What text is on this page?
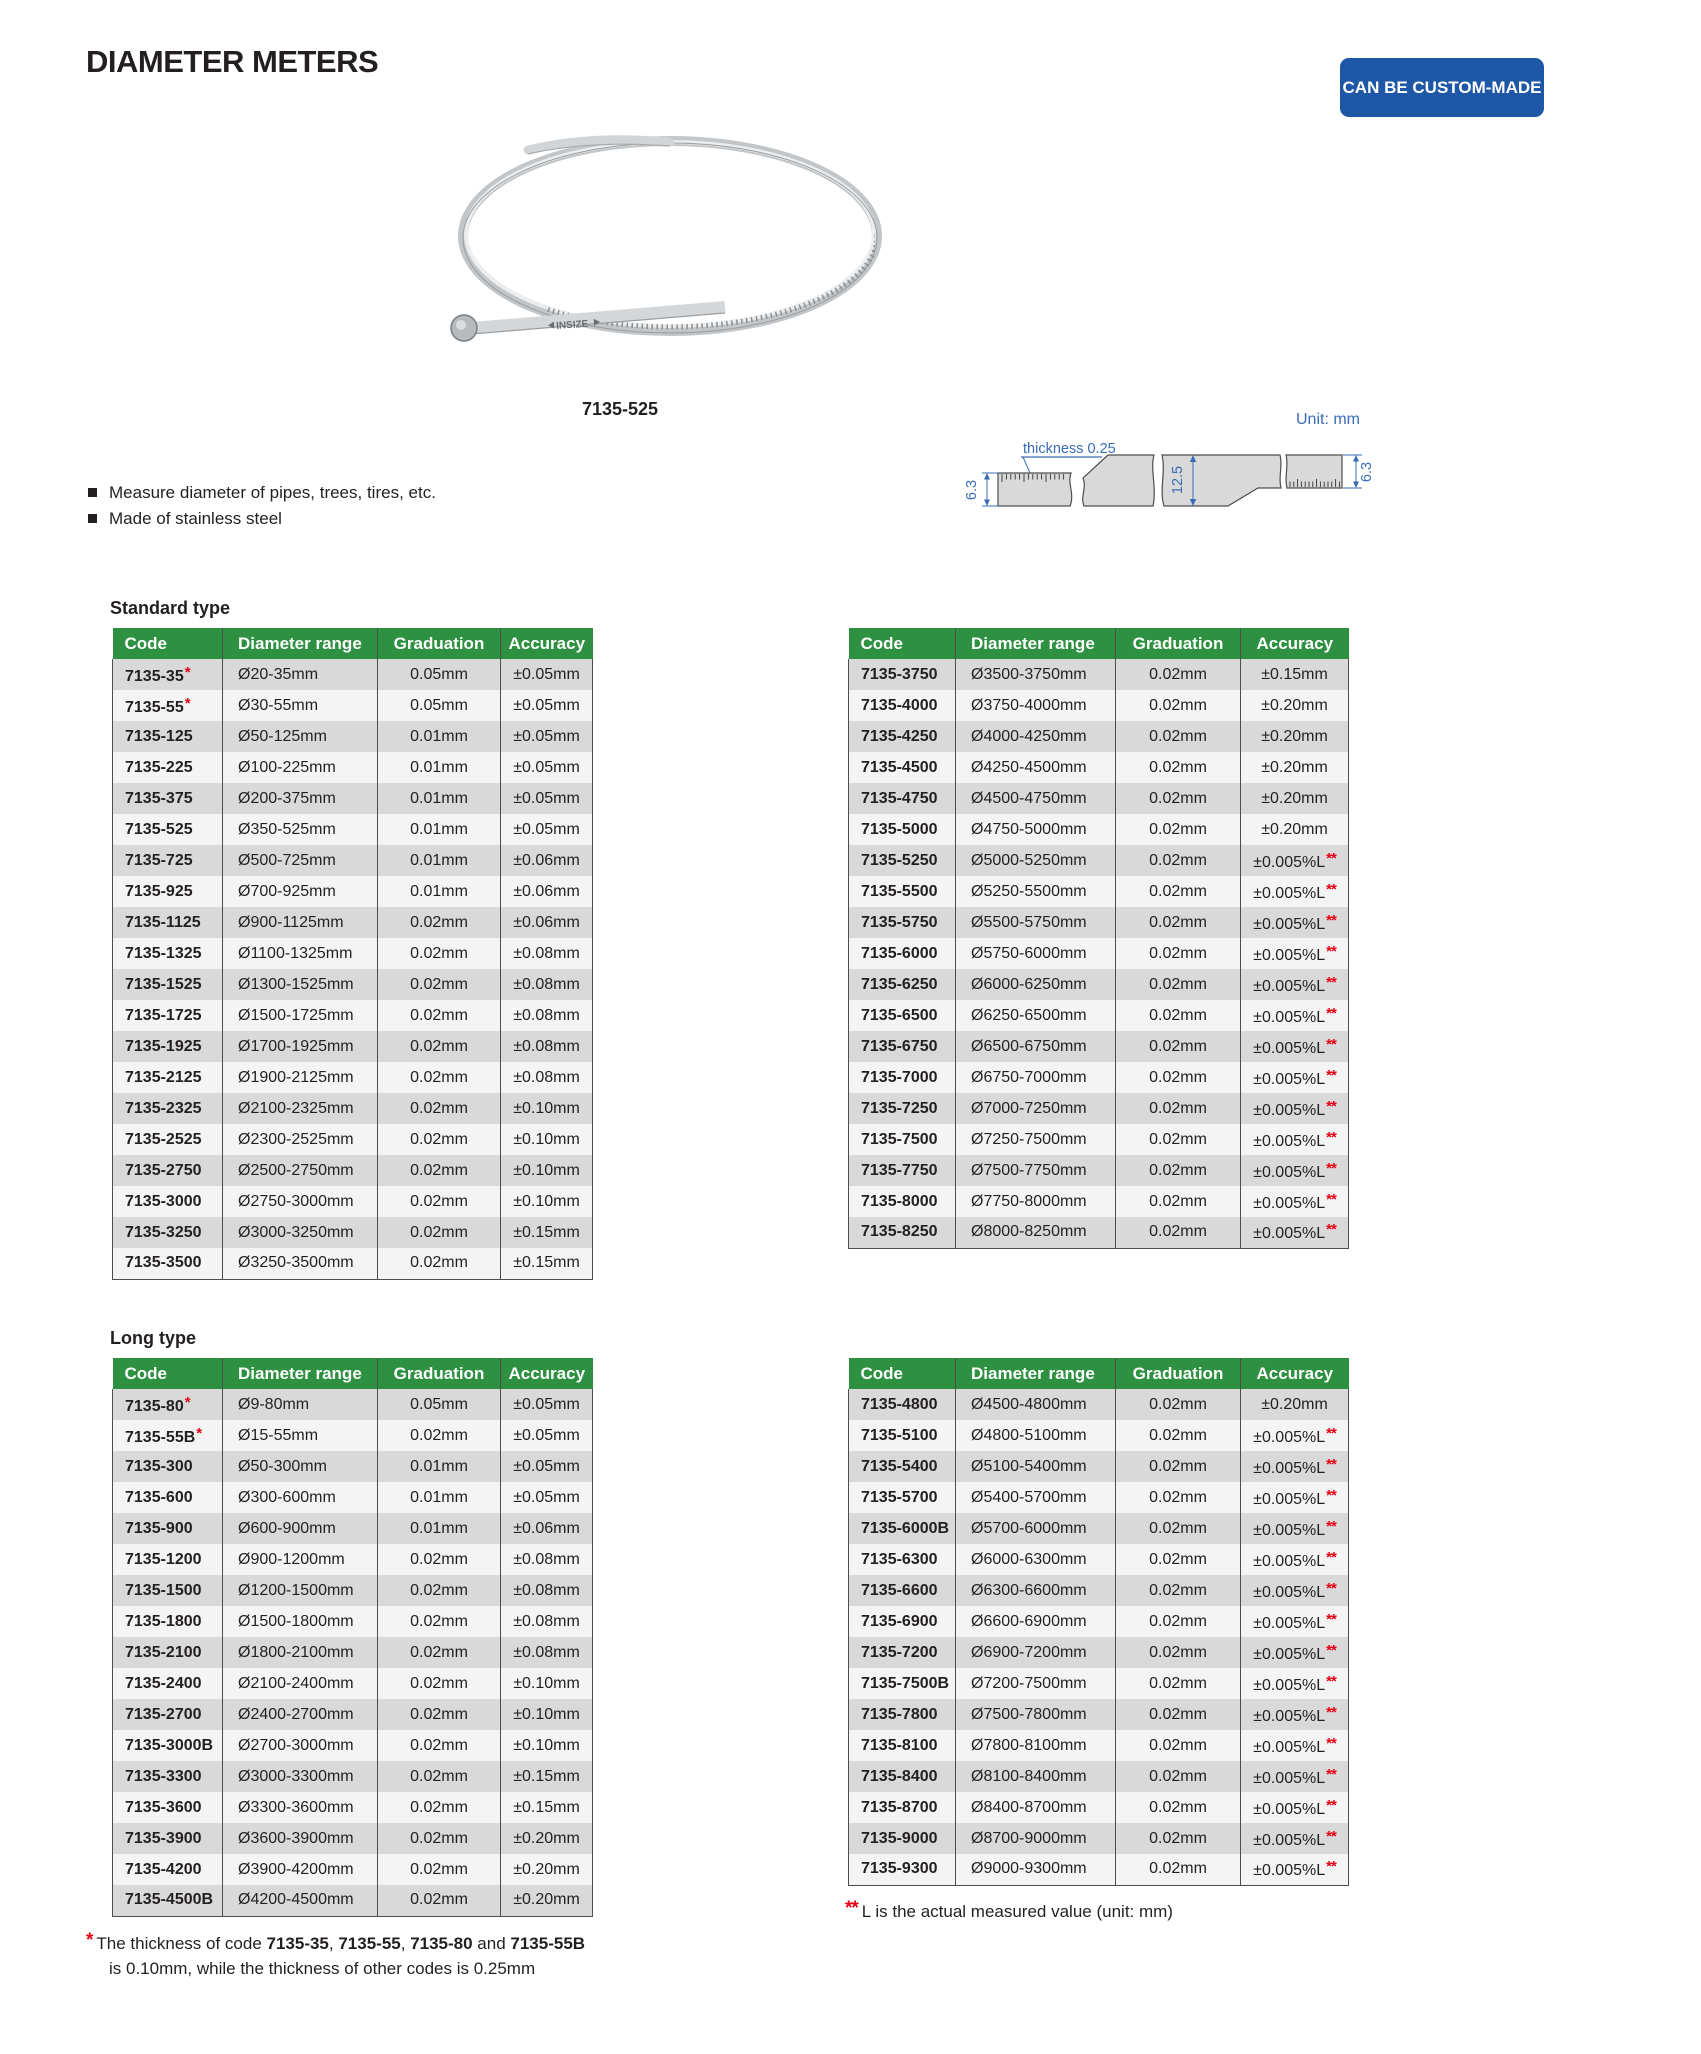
DIAMETER METERS
CAN BE CUSTOM-MADE
INSIZE
7135-525
Measure diameter of pipes, trees, tires, etc.
Made of stainless steel
Unit: mm
thickness 0.25
12.5
6.3
6.3
Standard type
Long type
Code	Diameter range	Graduation	Accuracy
7135-35*	Ø20-35mm	0.05mm	±0.05mm
7135-55*	Ø30-55mm	0.05mm	±0.05mm
7135-125	Ø50-125mm	0.01mm	±0.05mm
7135-225	Ø100-225mm	0.01mm	±0.05mm
7135-375	Ø200-375mm	0.01mm	±0.05mm
7135-525	Ø350-525mm	0.01mm	±0.05mm
7135-725	Ø500-725mm	0.01mm	±0.06mm
7135-925	Ø700-925mm	0.01mm	±0.06mm
7135-1125	Ø900-1125mm	0.02mm	±0.06mm
7135-1325	Ø1100-1325mm	0.02mm	±0.08mm
7135-1525	Ø1300-1525mm	0.02mm	±0.08mm
7135-1725	Ø1500-1725mm	0.02mm	±0.08mm
7135-1925	Ø1700-1925mm	0.02mm	±0.08mm
7135-2125	Ø1900-2125mm	0.02mm	±0.08mm
7135-2325	Ø2100-2325mm	0.02mm	±0.10mm
7135-2525	Ø2300-2525mm	0.02mm	±0.10mm
7135-2750	Ø2500-2750mm	0.02mm	±0.10mm
7135-3000	Ø2750-3000mm	0.02mm	±0.10mm
7135-3250	Ø3000-3250mm	0.02mm	±0.15mm
7135-3500	Ø3250-3500mm	0.02mm	±0.15mm
Code	Diameter range	Graduation	Accuracy
7135-3750	Ø3500-3750mm	0.02mm	±0.15mm
7135-4000	Ø3750-4000mm	0.02mm	±0.20mm
7135-4250	Ø4000-4250mm	0.02mm	±0.20mm
7135-4500	Ø4250-4500mm	0.02mm	±0.20mm
7135-4750	Ø4500-4750mm	0.02mm	±0.20mm
7135-5000	Ø4750-5000mm	0.02mm	±0.20mm
7135-5250	Ø5000-5250mm	0.02mm	±0.005%L**
7135-5500	Ø5250-5500mm	0.02mm	±0.005%L**
7135-5750	Ø5500-5750mm	0.02mm	±0.005%L**
7135-6000	Ø5750-6000mm	0.02mm	±0.005%L**
7135-6250	Ø6000-6250mm	0.02mm	±0.005%L**
7135-6500	Ø6250-6500mm	0.02mm	±0.005%L**
7135-6750	Ø6500-6750mm	0.02mm	±0.005%L**
7135-7000	Ø6750-7000mm	0.02mm	±0.005%L**
7135-7250	Ø7000-7250mm	0.02mm	±0.005%L**
7135-7500	Ø7250-7500mm	0.02mm	±0.005%L**
7135-7750	Ø7500-7750mm	0.02mm	±0.005%L**
7135-8000	Ø7750-8000mm	0.02mm	±0.005%L**
7135-8250	Ø8000-8250mm	0.02mm	±0.005%L**
Code	Diameter range	Graduation	Accuracy
7135-80*	Ø9-80mm	0.05mm	±0.05mm
7135-55B*	Ø15-55mm	0.02mm	±0.05mm
7135-300	Ø50-300mm	0.01mm	±0.05mm
7135-600	Ø300-600mm	0.01mm	±0.05mm
7135-900	Ø600-900mm	0.01mm	±0.06mm
7135-1200	Ø900-1200mm	0.02mm	±0.08mm
7135-1500	Ø1200-1500mm	0.02mm	±0.08mm
7135-1800	Ø1500-1800mm	0.02mm	±0.08mm
7135-2100	Ø1800-2100mm	0.02mm	±0.08mm
7135-2400	Ø2100-2400mm	0.02mm	±0.10mm
7135-2700	Ø2400-2700mm	0.02mm	±0.10mm
7135-3000B	Ø2700-3000mm	0.02mm	±0.10mm
7135-3300	Ø3000-3300mm	0.02mm	±0.15mm
7135-3600	Ø3300-3600mm	0.02mm	±0.15mm
7135-3900	Ø3600-3900mm	0.02mm	±0.20mm
7135-4200	Ø3900-4200mm	0.02mm	±0.20mm
7135-4500B	Ø4200-4500mm	0.02mm	±0.20mm
Code	Diameter range	Graduation	Accuracy
7135-4800	Ø4500-4800mm	0.02mm	±0.20mm
7135-5100	Ø4800-5100mm	0.02mm	±0.005%L**
7135-5400	Ø5100-5400mm	0.02mm	±0.005%L**
7135-5700	Ø5400-5700mm	0.02mm	±0.005%L**
7135-6000B	Ø5700-6000mm	0.02mm	±0.005%L**
7135-6300	Ø6000-6300mm	0.02mm	±0.005%L**
7135-6600	Ø6300-6600mm	0.02mm	±0.005%L**
7135-6900	Ø6600-6900mm	0.02mm	±0.005%L**
7135-7200	Ø6900-7200mm	0.02mm	±0.005%L**
7135-7500B	Ø7200-7500mm	0.02mm	±0.005%L**
7135-7800	Ø7500-7800mm	0.02mm	±0.005%L**
7135-8100	Ø7800-8100mm	0.02mm	±0.005%L**
7135-8400	Ø8100-8400mm	0.02mm	±0.005%L**
7135-8700	Ø8400-8700mm	0.02mm	±0.005%L**
7135-9000	Ø8700-9000mm	0.02mm	±0.005%L**
7135-9300	Ø9000-9300mm	0.02mm	±0.005%L**
* The thickness of code 7135-35, 7135-55, 7135-80 and 7135-55B
is 0.10mm, while the thickness of other codes is 0.25mm
** L is the actual measured value (unit: mm)
